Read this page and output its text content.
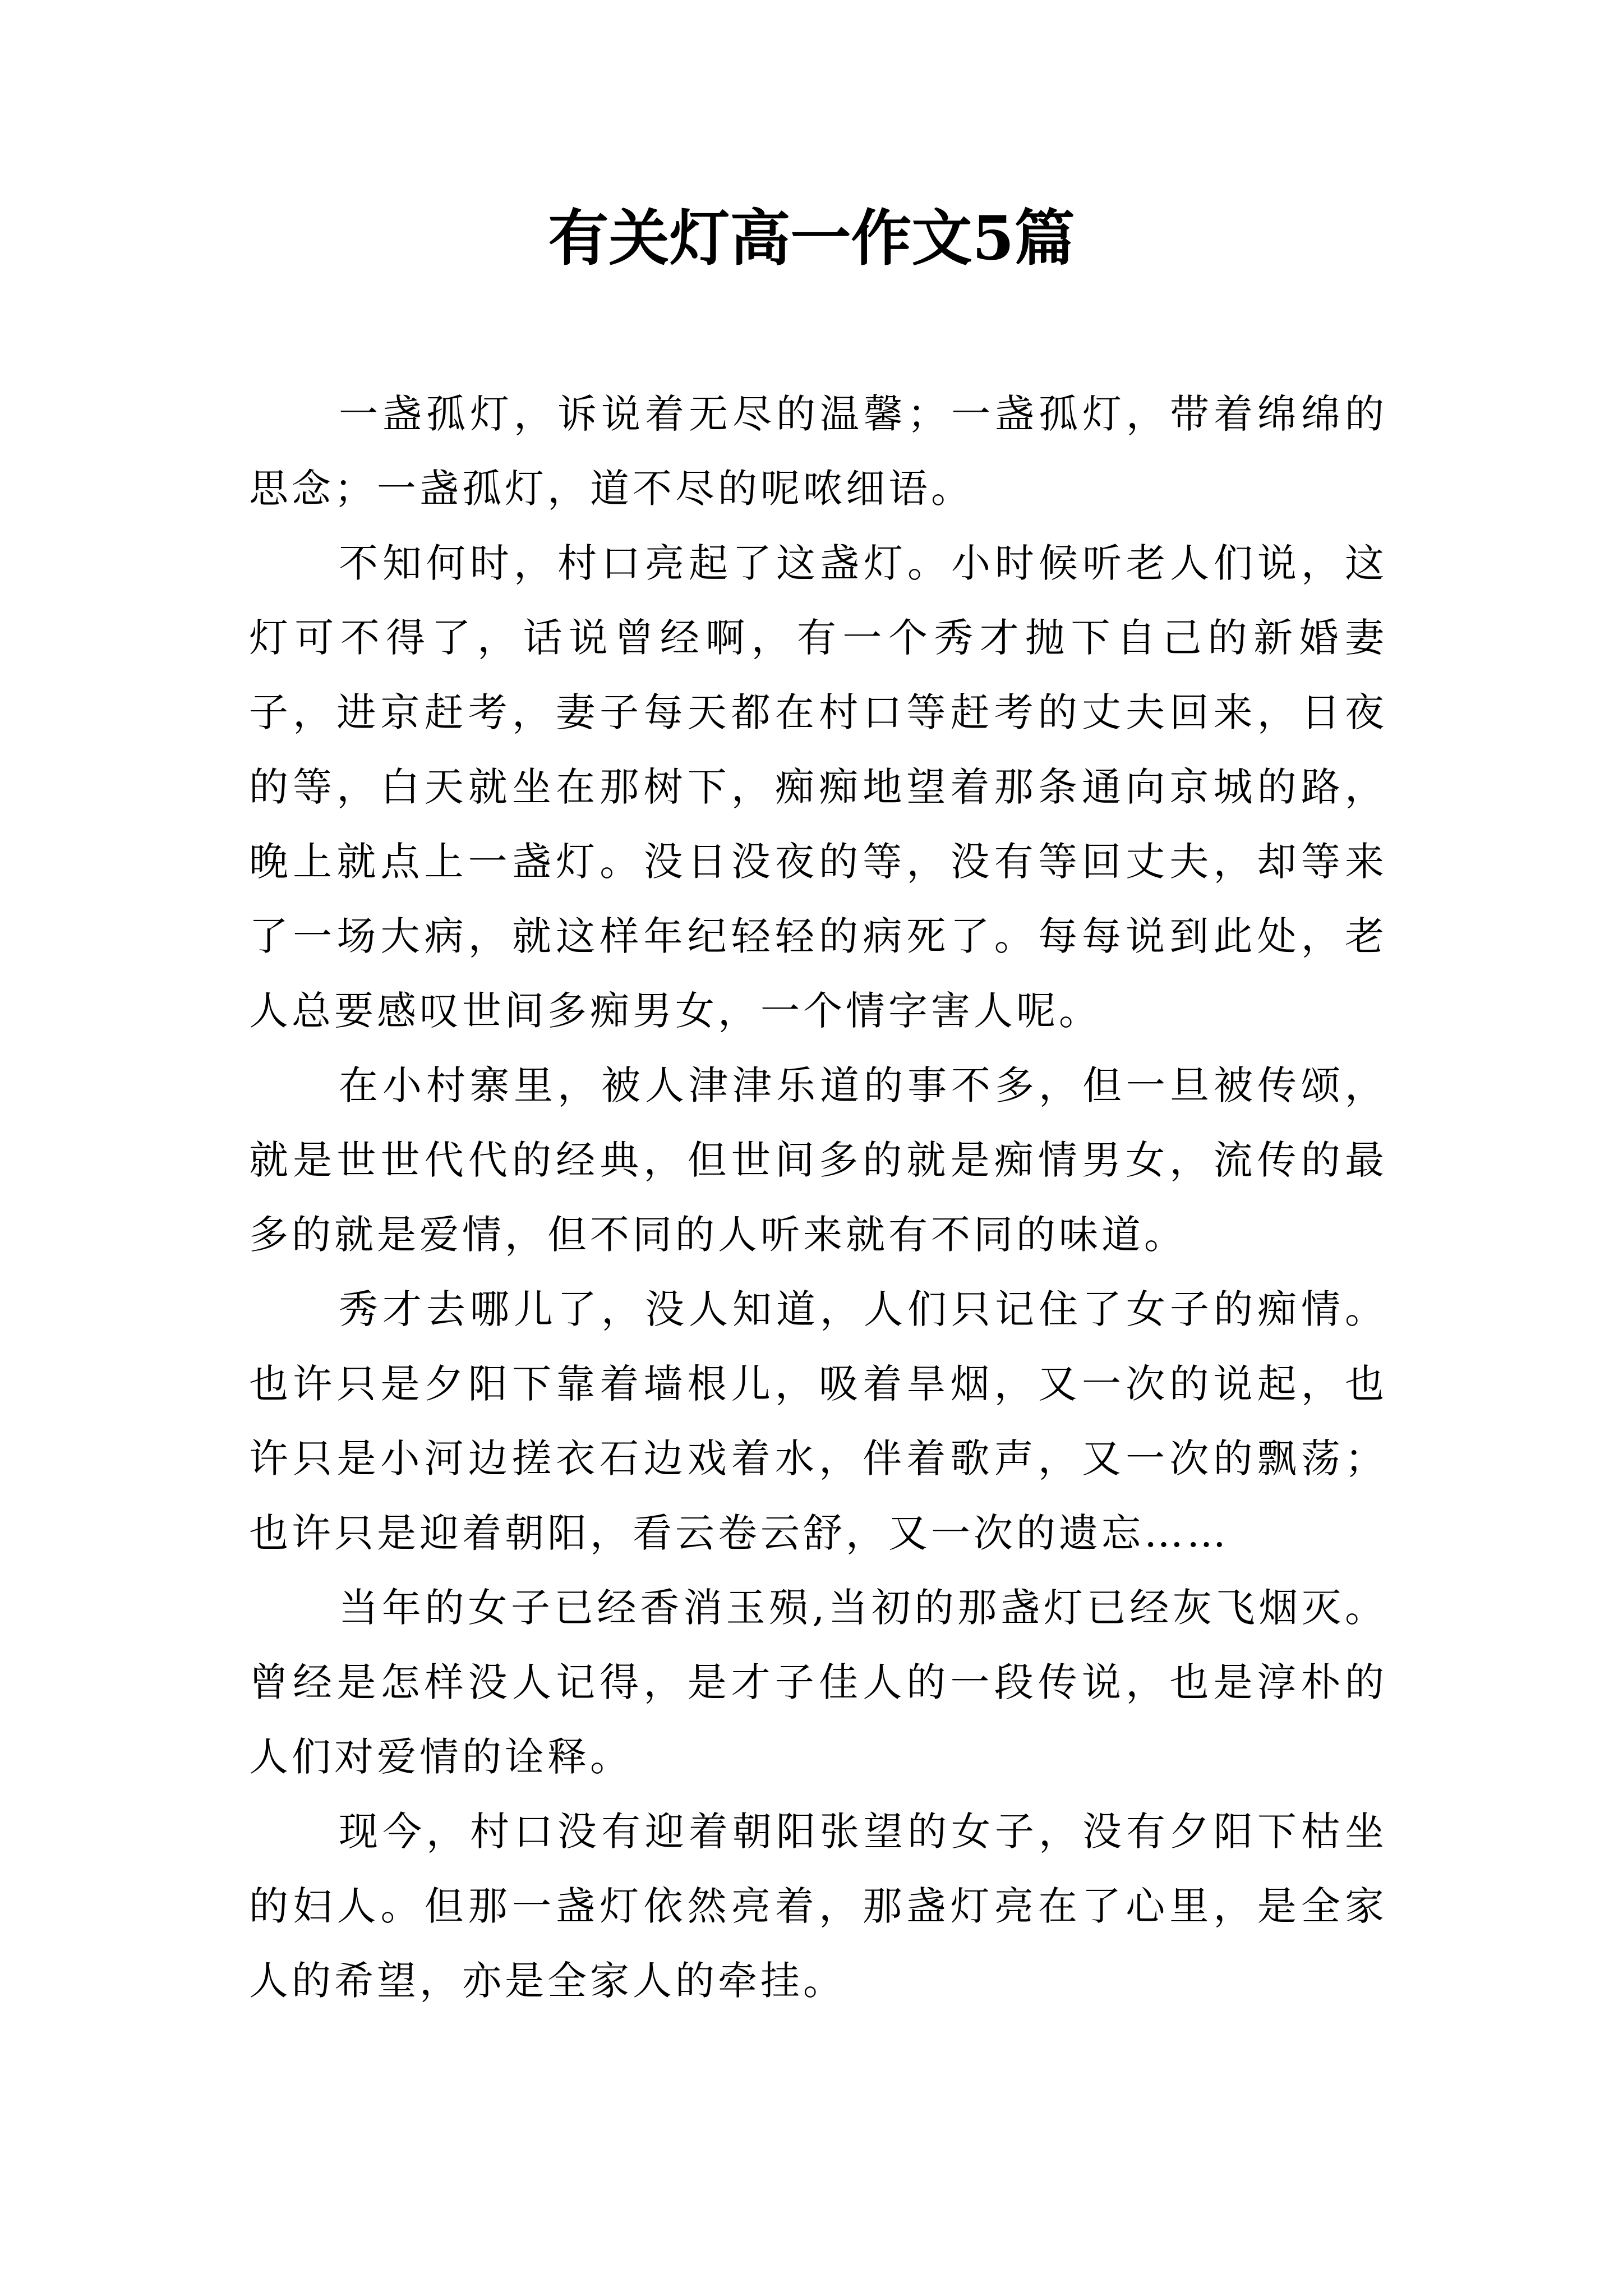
有关灯高一作文5篇

一盏孤灯，诉说着无尽的温馨；一盏孤灯，带着绵绵的思念；一盏孤灯，道不尽的呢哝细语。

不知何时，村口亮起了这盏灯。小时候听老人们说，这灯可不得了，话说曾经啊，有一个秀才抛下自己的新婚妻子，进京赶考，妻子每天都在村口等赶考的丈夫回来，日夜的等，白天就坐在那树下，痴痴地望着那条通向京城的路，晚上就点上一盏灯。没日没夜的等，没有等回丈夫，却等来了一场大病，就这样年纪轻轻的病死了。每每说到此处，老人总要感叹世间多痴男女，一个情字害人呢。

在小村寨里，被人津津乐道的事不多，但一旦被传颂，就是世世代代的经典，但世间多的就是痴情男女，流传的最多的就是爱情，但不同的人听来就有不同的味道。

秀才去哪儿了，没人知道，人们只记住了女子的痴情。也许只是夕阳下靠着墙根儿，吸着旱烟，又一次的说起，也许只是小河边搓衣石边戏着水，伴着歌声，又一次的飘荡；也许只是迎着朝阳，看云卷云舒，又一次的遗忘……

当年的女子已经香消玉殒,当初的那盏灯已经灰飞烟灭。曾经是怎样没人记得，是才子佳人的一段传说，也是淳朴的人们对爱情的诠释。

现今，村口没有迎着朝阳张望的女子，没有夕阳下枯坐的妇人。但那一盏灯依然亮着，那盏灯亮在了心里，是全家人的希望，亦是全家人的牵挂。
